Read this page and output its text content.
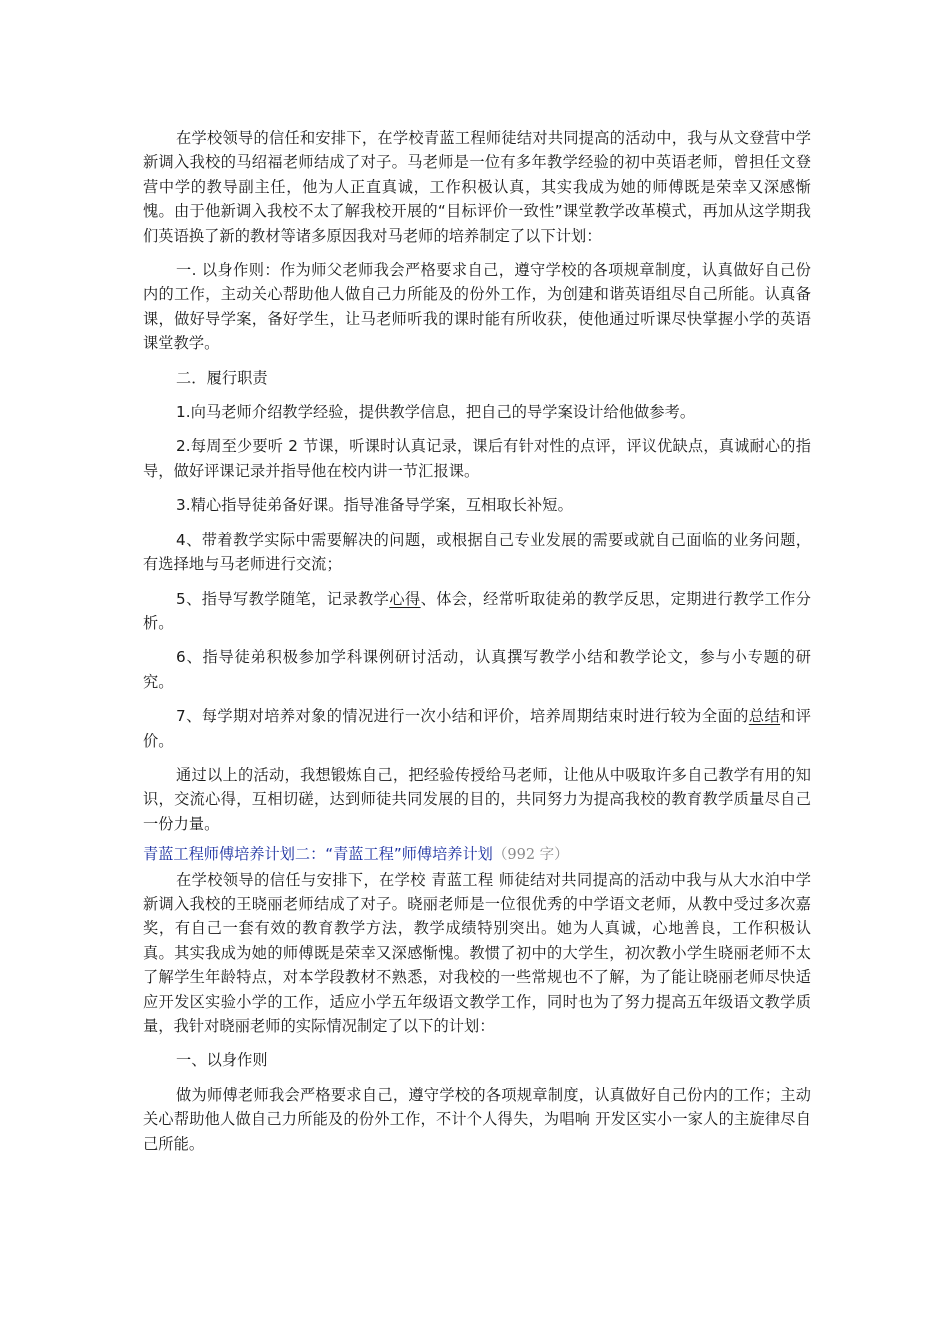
在学校领导的信任和安排下，在学校青蓝工程师徒结对共同提高的活动中，我与从文登营中学新调入我校的马绍福老师结成了对子。马老师是一位有多年教学经验的初中英语老师，曾担任文登营中学的教导副主任，他为人正直真诚，工作积极认真，其实我成为她的师傅既是荣幸又深感惭愧。由于他新调入我校不太了解我校开展的“目标评价一致性”课堂教学改革模式，再加从这学期我们英语换了新的教材等诸多原因我对马老师的培养制定了以下计划：

一. 以身作则：作为师父老师我会严格要求自己，遵守学校的各项规章制度，认真做好自己份内的工作，主动关心帮助他人做自己力所能及的份外工作，为创建和谐英语组尽自己所能。认真备课，做好导学案，备好学生，让马老师听我的课时能有所收获，使他通过听课尽快掌握小学的英语课堂教学。

二．履行职责

1.向马老师介绍教学经验，提供教学信息，把自己的导学案设计给他做参考。

2.每周至少要听 2 节课，听课时认真记录，课后有针对性的点评，评议优缺点，真诚耐心的指导，做好评课记录并指导他在校内讲一节汇报课。

3.精心指导徒弟备好课。指导准备导学案，互相取长补短。

4、带着教学实际中需要解决的问题，或根据自己专业发展的需要或就自己面临的业务问题，有选择地与马老师进行交流；

5、指导写教学随笔，记录教学心得、体会，经常听取徒弟的教学反思，定期进行教学工作分析。

6、指导徒弟积极参加学科课例研讨活动，认真撰写教学小结和教学论文，参与小专题的研究。

7、每学期对培养对象的情况进行一次小结和评价，培养周期结束时进行较为全面的总结和评价。

通过以上的活动，我想锻炼自己，把经验传授给马老师，让他从中吸取许多自己教学有用的知识，交流心得，互相切磋，达到师徒共同发展的目的，共同努力为提高我校的教育教学质量尽自己一份力量。

青蓝工程师傅培养计划二：“青蓝工程”师傅培养计划（992 字）

在学校领导的信任与安排下，在学校 青蓝工程 师徒结对共同提高的活动中我与从大水泊中学新调入我校的王晓丽老师结成了对子。晓丽老师是一位很优秀的中学语文老师，从教中受过多次嘉奖，有自己一套有效的教育教学方法，教学成绩特别突出。她为人真诚，心地善良，工作积极认真。其实我成为她的师傅既是荣幸又深感惭愧。教惯了初中的大学生，初次教小学生晓丽老师不太了解学生年龄特点，对本学段教材不熟悉，对我校的一些常规也不了解，为了能让晓丽老师尽快适应开发区实验小学的工作，适应小学五年级语文教学工作，同时也为了努力提高五年级语文教学质量，我针对晓丽老师的实际情况制定了以下的计划：

一、以身作则

做为师傅老师我会严格要求自己，遵守学校的各项规章制度，认真做好自己份内的工作；主动关心帮助他人做自己力所能及的份外工作，不计个人得失，为唱响 开发区实小一家人的主旋律尽自己所能。
